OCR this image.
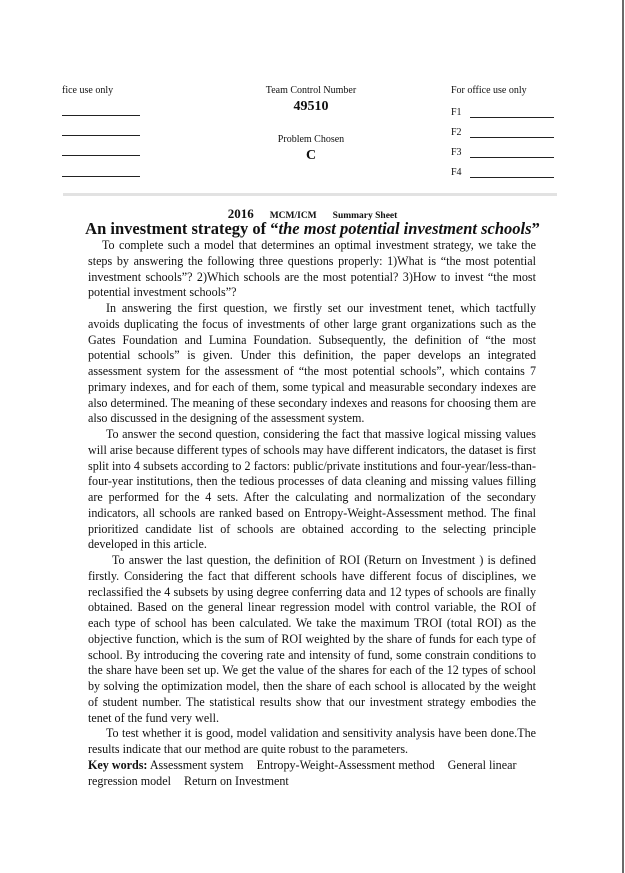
fice use only	Team Control Number
49510
Problem Chosen
C
For office use only
F1
F2
F3
F4
2016 MCM/ICM Summary Sheet
An investment strategy of “the most potential investment schools”

To complete such a model that determines an optimal investment strategy, we take the steps by answering the following three questions properly: 1)What is “the most potential investment schools”? 2)Which schools are the most potential? 3)How to invest “the most potential investment schools”?

In answering the first question, we firstly set our investment tenet, which tactfully avoids duplicating the focus of investments of other large grant organizations such as the Gates Foundation and Lumina Foundation. Subsequently, the definition of “the most potential schools” is given. Under this definition, the paper develops an integrated assessment system for the assessment of “the most potential schools”, which contains 7 primary indexes, and for each of them, some typical and measurable secondary indexes are also determined. The meaning of these secondary indexes and reasons for choosing them are also discussed in the designing of the assessment system.

To answer the second question, considering the fact that massive logical missing values will arise because different types of schools may have different indicators, the dataset is first split into 4 subsets according to 2 factors: public/private institutions and four-year/less-than-four-year institutions, then the tedious processes of data cleaning and missing values filling are performed for the 4 sets. After the calculating and normalization of the secondary indicators, all schools are ranked based on Entropy-Weight-Assessment method. The final prioritized candidate list of schools are obtained according to the selecting principle developed in this article.

To answer the last question, the definition of ROI (Return on Investment ) is defined firstly. Considering the fact that different schools have different focus of disciplines, we reclassified the 4 subsets by using degree conferring data and 12 types of schools are finally obtained. Based on the general linear regression model with control variable, the ROI of each type of school has been calculated. We take the maximum TROI (total ROI) as the objective function, which is the sum of ROI weighted by the share of funds for each type of school. By introducing the covering rate and intensity of fund, some constrain conditions to the share have been set up. We get the value of the shares for each of the 12 types of school by solving the optimization model, then the share of each school is allocated by the weight of student number. The statistical results show that our investment strategy embodies the tenet of the fund very well.

To test whether it is good, model validation and sensitivity analysis have been done.The results indicate that our method are quite robust to the parameters.

Key words: Assessment system Entropy-Weight-Assessment method General linear regression model Return on Investment
